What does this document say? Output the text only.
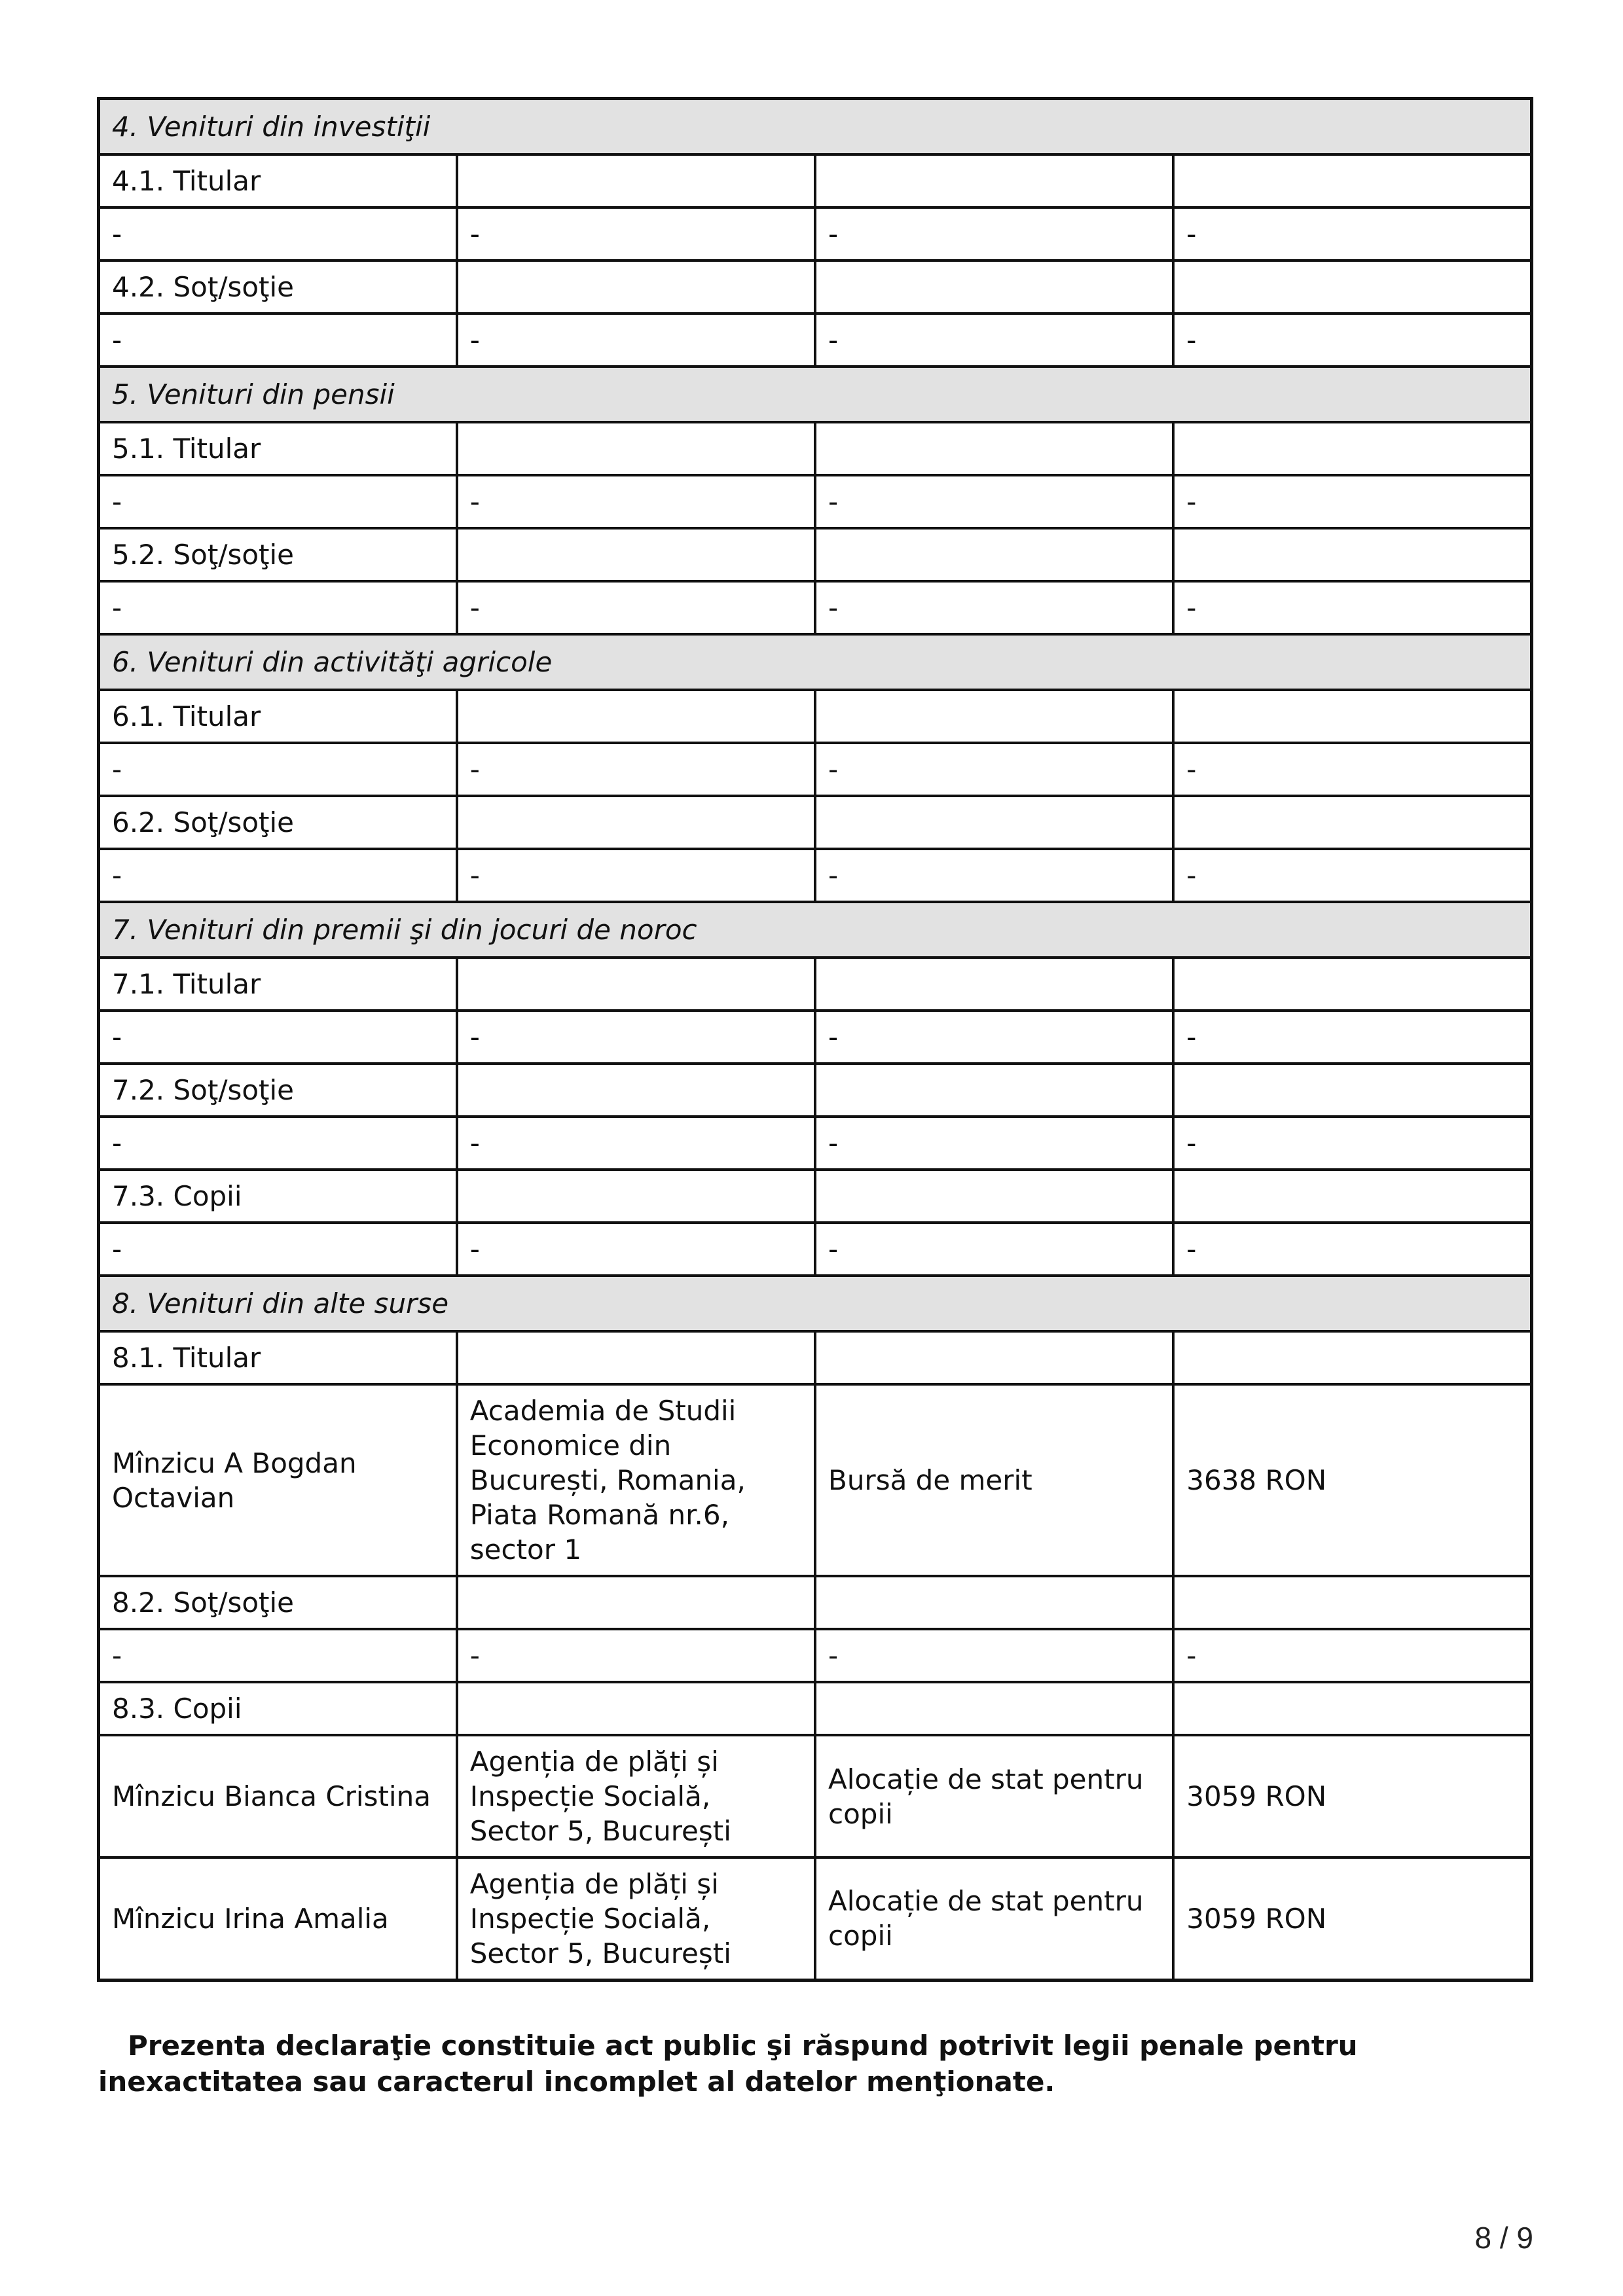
4. Venituri din investiţii			
4.1. Titular			
-	-	-	-
4.2. Soţ/soţie			
-	-	-	-
5. Venituri din pensii			
5.1. Titular			
-	-	-	-
5.2. Soţ/soţie			
-	-	-	-
6. Venituri din activităţi agricole			
6.1. Titular			
-	-	-	-
6.2. Soţ/soţie			
-	-	-	-
7. Venituri din premii şi din jocuri de noroc			
7.1. Titular			
-	-	-	-
7.2. Soţ/soţie			
-	-	-	-
7.3. Copii			
-	-	-	-
8. Venituri din alte surse			
8.1. Titular			
Mînzicu A Bogdan Octavian	Academia de Studii Economice din București, Romania, Piata Romană nr.6, sector 1	Bursă de merit	3638 RON
8.2. Soţ/soţie			
-	-	-	-
8.3. Copii			
Mînzicu Bianca Cristina	Agenția de plăți și Inspecție Socială, Sector 5, București	Alocație de stat pentru copii	3059 RON
Mînzicu Irina Amalia	Agenția de plăți și Inspecție Socială, Sector 5, București	Alocație de stat pentru copii	3059 RON
Prezenta declaraţie constituie act public şi răspund potrivit legii penale pentru inexactitatea sau caracterul incomplet al datelor menţionate.
8 / 9
